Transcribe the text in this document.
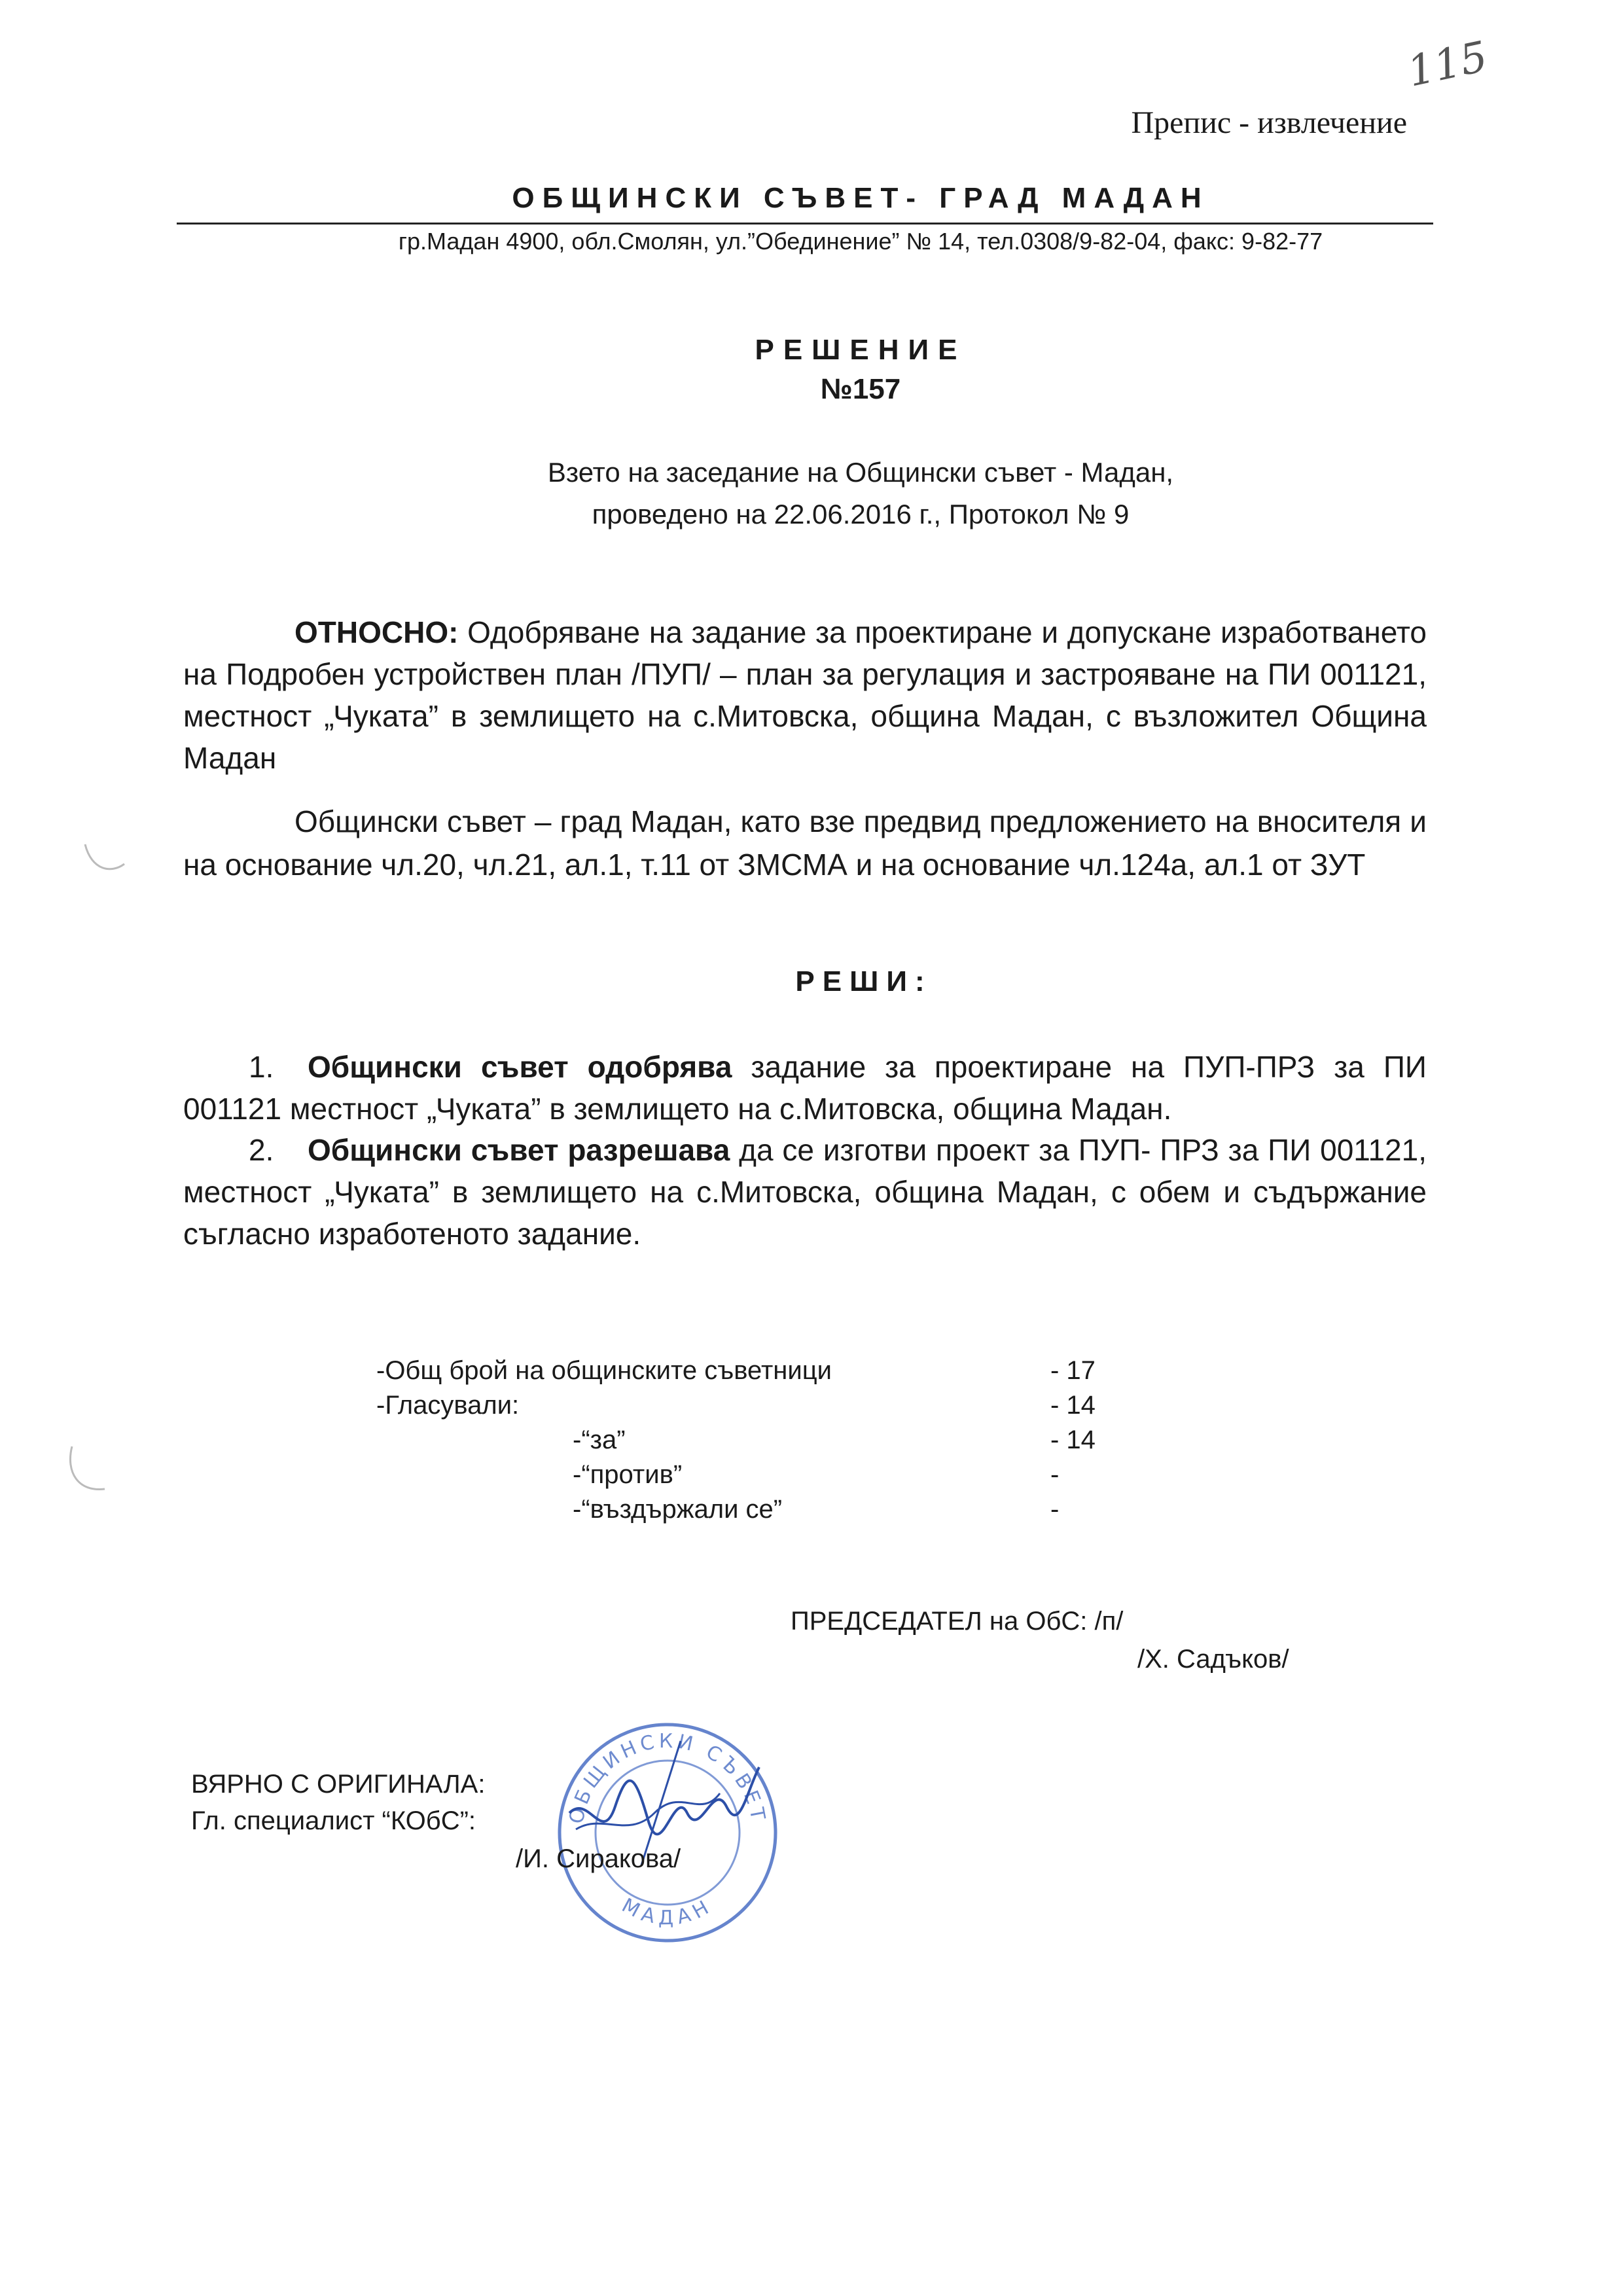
115
Препис - извлечение
ОБЩИНСКИ СЪВЕТ- ГРАД МАДАН
гр.Мадан 4900, обл.Смолян, ул.”Обединение” № 14, тел.0308/9-82-04, факс: 9-82-77
РЕШЕНИЕ
№157
Взето на заседание на Общински съвет - Мадан,
проведено на 22.06.2016 г., Протокол № 9
ОТНОСНО: Одобряване на задание за проектиране и допускане изработването на Подробен устройствен план /ПУП/ – план за регулация и застрояване на ПИ 001121, местност „Чуката” в землището на с.Митовска, община Мадан, с възложител Община Мадан
Общински съвет – град Мадан, като взе предвид предложението на вносителя и на основание чл.20, чл.21, ал.1, т.11 от ЗМСМА и на основание чл.124а, ал.1 от ЗУТ
РЕШИ:
1. Общински съвет одобрява задание за проектиране на ПУП-ПРЗ за ПИ 001121 местност „Чуката” в землището на с.Митовска, община Мадан.
2. Общински съвет разрешава да се изготви проект за ПУП- ПРЗ за ПИ 001121, местност „Чуката” в землището на с.Митовска, община Мадан, с обем и съдържание съгласно изработеното задание.
-Общ брой на общинските съветници	- 17
-Гласували:	- 14
-“за”	- 14
-“против”	-
-“въздържали се”	-
ПРЕДСЕДАТЕЛ на ОбС: /п/
/Х. Садъков/
ОБЩИНСКИ СЪВЕТ
МАДАН
ВЯРНО С ОРИГИНАЛА:
Гл. специалист “КОбС”:
/И. Сиракова/
